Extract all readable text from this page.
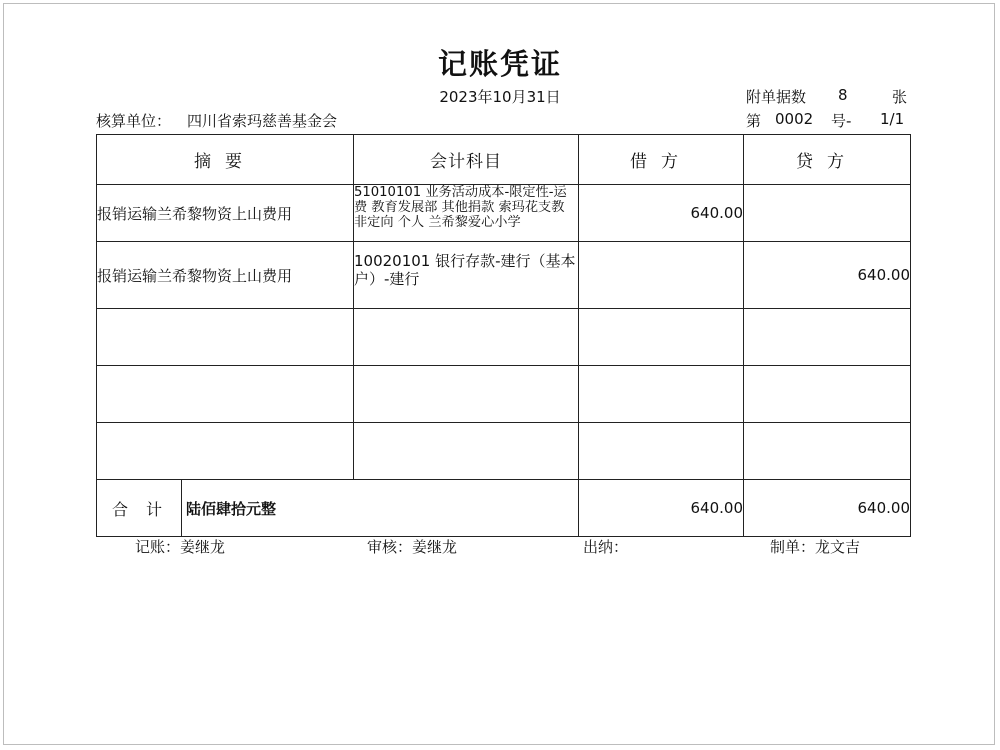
记账凭证
2023年10月31日	附单据数 8	张
核算单位： 四川省索玛慈善基金会	第 0002 号- 1/1
摘要	会计科目	借方	贷方
报销运输兰希黎物资上山费用	51010101 业务活动成本-限定性-运费 教育发展部 其他捐款 索玛花支教 非定向 个人 兰希黎爱心小学	640.00	
报销运输兰希黎物资上山费用	10020101 银行存款-建行（基本户）-建行		640.00

合计 陆佰肆拾元整		640.00	640.00
记账：姜继龙	审核：姜继龙	出纳：	制单：龙文吉
